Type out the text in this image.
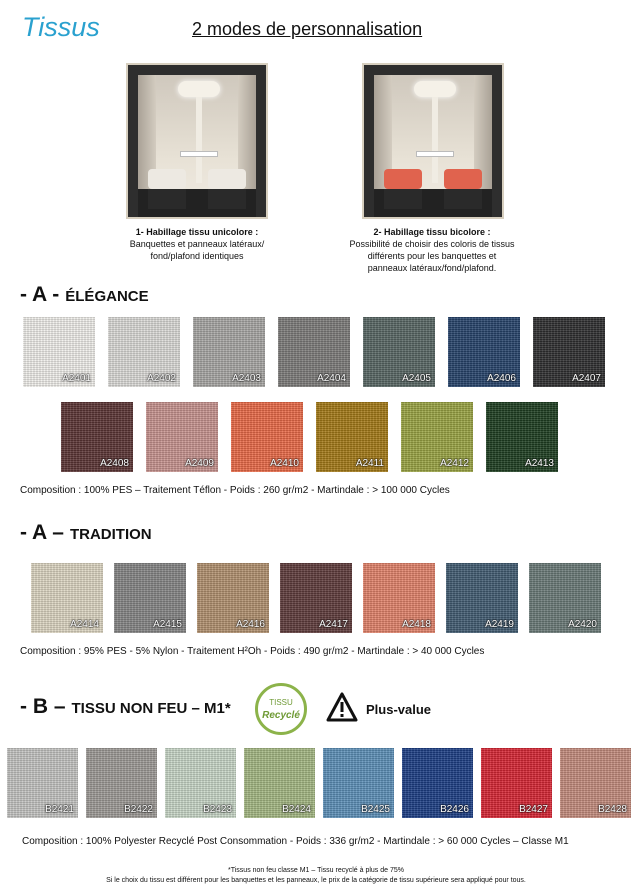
Tissus	2 modes de personnalisation
1- Habillage tissu unicolore :
Banquettes et panneaux latéraux/
fond/plafond identiques
2- Habillage tissu bicolore :
Possibilité de choisir des coloris de tissus
différents pour les banquettes et
panneaux latéraux/fond/plafond.
- A - ÉLÉGANCE
A2401	A2402	A2403	A2404	A2405	A2406	A2407
A2408	A2409	A2410	A2411	A2412	A2413
Composition : 100% PES – Traitement Téflon - Poids : 260 gr/m2 - Martindale : > 100 000 Cycles
- A – TRADITION
A2414	A2415	A2416	A2417	A2418	A2419	A2420
Composition : 95% PES - 5% Nylon - Traitement H²Oh - Poids : 490 gr/m2 - Martindale : > 40 000 Cycles
- B – TISSU NON FEU – M1*	TISSU
Recyclé	Plus-value
B2421	B2422	B2423	B2424	B2425	B2426	B2427	B2428
Composition : 100% Polyester Recyclé Post Consommation - Poids : 336 gr/m2 - Martindale : > 60 000 Cycles – Classe M1
*Tissus non feu classe M1 – Tissu recyclé à plus de 75%
Si le choix du tissu est différent pour les banquettes et les panneaux, le prix de la catégorie de tissu supérieure sera appliqué pour tous.
